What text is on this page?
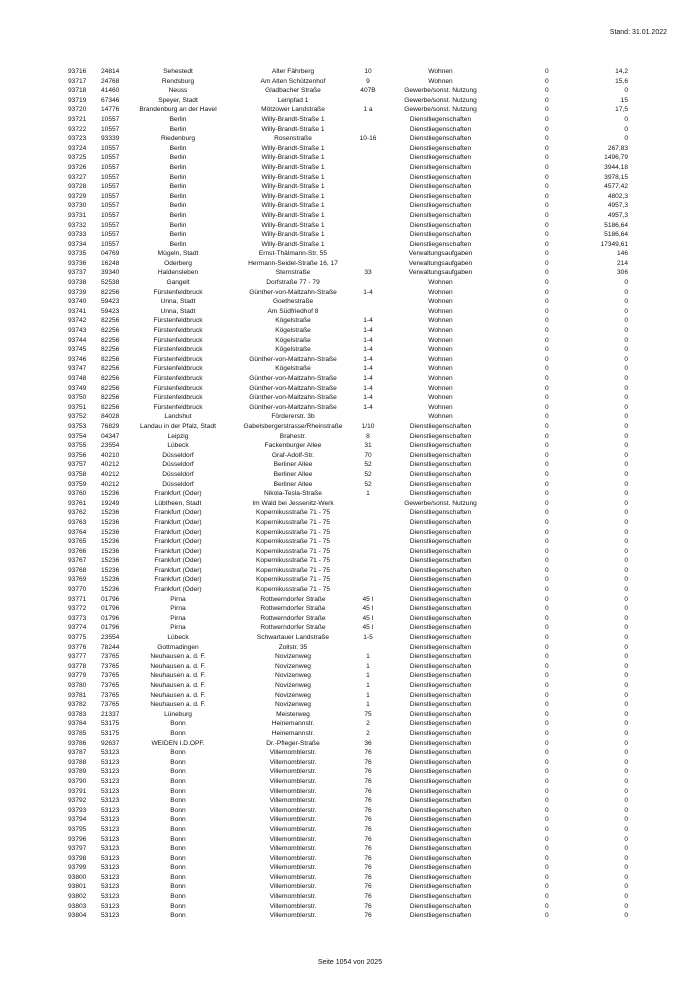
Stand: 31.01.2022
93716 24814	Sehestedt	Alter Fährberg	10	Wohnen	0	14,2
93717 24768	Rendsburg	Am Alten Schützenhof	9	Wohnen	0	15,6
93718 41460	Neuss	Gladbacher Straße	407B	Gewerbe/sonst. Nutzung	0	0
93719 67346	Speyer, Stadt	Leinpfad 1	Gewerbe/sonst. Nutzung	0	15
93720 14776	Brandenburg an der Havel	Mötzower Landstraße	1 a	Gewerbe/sonst. Nutzung	0	17,5
93721 10557	Berlin	Willy-Brandt-Straße 1	Dienstliegenschaften	0	0
93722 10557	Berlin	Willy-Brandt-Straße 1	Dienstliegenschaften	0	0
93723 93339	Riedenburg	Rosenstraße	10-16	Dienstliegenschaften	0	0
93724 10557	Berlin	Willy-Brandt-Straße 1	Dienstliegenschaften	0	267,83
93725 10557	Berlin	Willy-Brandt-Straße 1	Dienstliegenschaften	0	1496,79
93726 10557	Berlin	Willy-Brandt-Straße 1	Dienstliegenschaften	0	3944,18
93727 10557	Berlin	Willy-Brandt-Straße 1	Dienstliegenschaften	0	3978,15
93728 10557	Berlin	Willy-Brandt-Straße 1	Dienstliegenschaften	0	4577,42
93729 10557	Berlin	Willy-Brandt-Straße 1	Dienstliegenschaften	0	4802,3
93730 10557	Berlin	Willy-Brandt-Straße 1	Dienstliegenschaften	0	4957,3
93731 10557	Berlin	Willy-Brandt-Straße 1	Dienstliegenschaften	0	4957,3
93732 10557	Berlin	Willy-Brandt-Straße 1	Dienstliegenschaften	0	5186,64
93733 10557	Berlin	Willy-Brandt-Straße 1	Dienstliegenschaften	0	5186,64
93734 10557	Berlin	Willy-Brandt-Straße 1	Dienstliegenschaften	0	17349,61
93735 04769	Mügeln, Stadt	Ernst-Thälmann-Str. 55	Verwaltungsaufgaben	0	146
93736 16248	Oderberg	Hermann-Seidel-Straße 16, 17	Verwaltungsaufgaben	0	214
93737 39340	Haldensleben	Sternstraße	33	Verwaltungsaufgaben	0	306
93738 52538	Gangelt	Dorfstraße 77 - 79	Wohnen	0	0
93739 82256	Fürstenfeldbruck	Günther-von-Maltzahn-Straße	1-4	Wohnen	0	0
93740 59423	Unna, Stadt	Goethestraße	Wohnen	0	0
93741 59423	Unna, Stadt	Am Südfriedhof 8	Wohnen	0	0
93742 82256	Fürstenfeldbruck	Kögelstraße	1-4	Wohnen	0	0
93743 82256	Fürstenfeldbruck	Kögelstraße	1-4	Wohnen	0	0
93744 82256	Fürstenfeldbruck	Kögelstraße	1-4	Wohnen	0	0
93745 82256	Fürstenfeldbruck	Kögelstraße	1-4	Wohnen	0	0
93746 82256	Fürstenfeldbruck	Günther-von-Maltzahn-Straße	1-4	Wohnen	0	0
93747 82256	Fürstenfeldbruck	Kögelstraße	1-4	Wohnen	0	0
93748 82256	Fürstenfeldbruck	Günther-von-Maltzahn-Straße	1-4	Wohnen	0	0
93749 82256	Fürstenfeldbruck	Günther-von-Maltzahn-Straße	1-4	Wohnen	0	0
93750 82256	Fürstenfeldbruck	Günther-von-Maltzahn-Straße	1-4	Wohnen	0	0
93751 82256	Fürstenfeldbruck	Günther-von-Maltzahn-Straße	1-4	Wohnen	0	0
93752 84028	Landshut	Fördererstr. 3b	Wohnen	0	0
93753 76829	Landau in der Pfalz, Stadt	Gabelsbergerstrasse/Rheinstraße	1/10	Dienstliegenschaften	0	0
93754 04347	Leipzig	Brahestr.	8	Dienstliegenschaften	0	0
93755 23554	Lübeck	Fackenburger Allee	31	Dienstliegenschaften	0	0
93756 40210	Düsseldorf	Graf-Adolf-Str.	70	Dienstliegenschaften	0	0
93757 40212	Düsseldorf	Berliner Allee	52	Dienstliegenschaften	0	0
93758 40212	Düsseldorf	Berliner Allee	52	Dienstliegenschaften	0	0
93759 40212	Düsseldorf	Berliner Allee	52	Dienstliegenschaften	0	0
93760 15236	Frankfurt (Oder)	Nikola-Tesla-Straße	1	Dienstliegenschaften	0	0
93761 19249	Lübtheen, Stadt	Im Wald bei Jessenitz-Werk	Gewerbe/sonst. Nutzung	0	0
93762 15236	Frankfurt (Oder)	Kopernikusstraße 71 - 75	Dienstliegenschaften	0	0
93763 15236	Frankfurt (Oder)	Kopernikusstraße 71 - 75	Dienstliegenschaften	0	0
93764 15236	Frankfurt (Oder)	Kopernikusstraße 71 - 75	Dienstliegenschaften	0	0
93765 15236	Frankfurt (Oder)	Kopernikusstraße 71 - 75	Dienstliegenschaften	0	0
93766 15236	Frankfurt (Oder)	Kopernikusstraße 71 - 75	Dienstliegenschaften	0	0
93767 15236	Frankfurt (Oder)	Kopernikusstraße 71 - 75	Dienstliegenschaften	0	0
93768 15236	Frankfurt (Oder)	Kopernikusstraße 71 - 75	Dienstliegenschaften	0	0
93769 15236	Frankfurt (Oder)	Kopernikusstraße 71 - 75	Dienstliegenschaften	0	0
93770 15236	Frankfurt (Oder)	Kopernikusstraße 71 - 75	Dienstliegenschaften	0	0
93771 01796	Pirna	Rottwerndorfer Straße	45 I	Dienstliegenschaften	0	0
93772 01796	Pirna	Rottwerndorfer Straße	45 I	Dienstliegenschaften	0	0
93773 01796	Pirna	Rottwerndorfer Straße	45 I	Dienstliegenschaften	0	0
93774 01796	Pirna	Rottwerndorfer Straße	45 I	Dienstliegenschaften	0	0
93775 23554	Lübeck	Schwartauer Landstraße	1-5	Dienstliegenschaften	0	0
93776 78244	Gottmadingen	Zollstr. 35	Dienstliegenschaften	0	0
93777 73765	Neuhausen a. d. F.	Novizenweg	1	Dienstliegenschaften	0	0
93778 73765	Neuhausen a. d. F.	Novizenweg	1	Dienstliegenschaften	0	0
93779 73765	Neuhausen a. d. F.	Novizenweg	1	Dienstliegenschaften	0	0
93780 73765	Neuhausen a. d. F.	Novizenweg	1	Dienstliegenschaften	0	0
93781 73765	Neuhausen a. d. F.	Novizenweg	1	Dienstliegenschaften	0	0
93782 73765	Neuhausen a. d. F.	Novizenweg	1	Dienstliegenschaften	0	0
93783 21337	Lüneburg	Meisterweg	75	Dienstliegenschaften	0	0
93784 53175	Bonn	Heinemannstr.	2	Dienstliegenschaften	0	0
93785 53175	Bonn	Heinemannstr.	2	Dienstliegenschaften	0	0
93786 92637	WEIDEN I.D.OPF.	Dr.-Pfleger-Straße	36	Dienstliegenschaften	0	0
93787 53123	Bonn	Villemomblerstr.	76	Dienstliegenschaften	0	0
93788 53123	Bonn	Villemomblerstr.	76	Dienstliegenschaften	0	0
93789 53123	Bonn	Villemomblerstr.	76	Dienstliegenschaften	0	0
93790 53123	Bonn	Villemomblerstr.	76	Dienstliegenschaften	0	0
93791 53123	Bonn	Villemomblerstr.	76	Dienstliegenschaften	0	0
93792 53123	Bonn	Villemomblerstr.	76	Dienstliegenschaften	0	0
93793 53123	Bonn	Villemomblerstr.	76	Dienstliegenschaften	0	0
93794 53123	Bonn	Villemomblerstr.	76	Dienstliegenschaften	0	0
93795 53123	Bonn	Villemomblerstr.	76	Dienstliegenschaften	0	0
93796 53123	Bonn	Villemomblerstr.	76	Dienstliegenschaften	0	0
93797 53123	Bonn	Villemomblerstr.	76	Dienstliegenschaften	0	0
93798 53123	Bonn	Villemomblerstr.	76	Dienstliegenschaften	0	0
93799 53123	Bonn	Villemomblerstr.	76	Dienstliegenschaften	0	0
93800 53123	Bonn	Villemomblerstr.	76	Dienstliegenschaften	0	0
93801 53123	Bonn	Villemomblerstr.	76	Dienstliegenschaften	0	0
93802 53123	Bonn	Villemomblerstr.	76	Dienstliegenschaften	0	0
93803 53123	Bonn	Villemomblerstr.	76	Dienstliegenschaften	0	0
93804 53123	Bonn	Villemomblerstr.	76	Dienstliegenschaften	0	0
Seite 1054 von 2025
